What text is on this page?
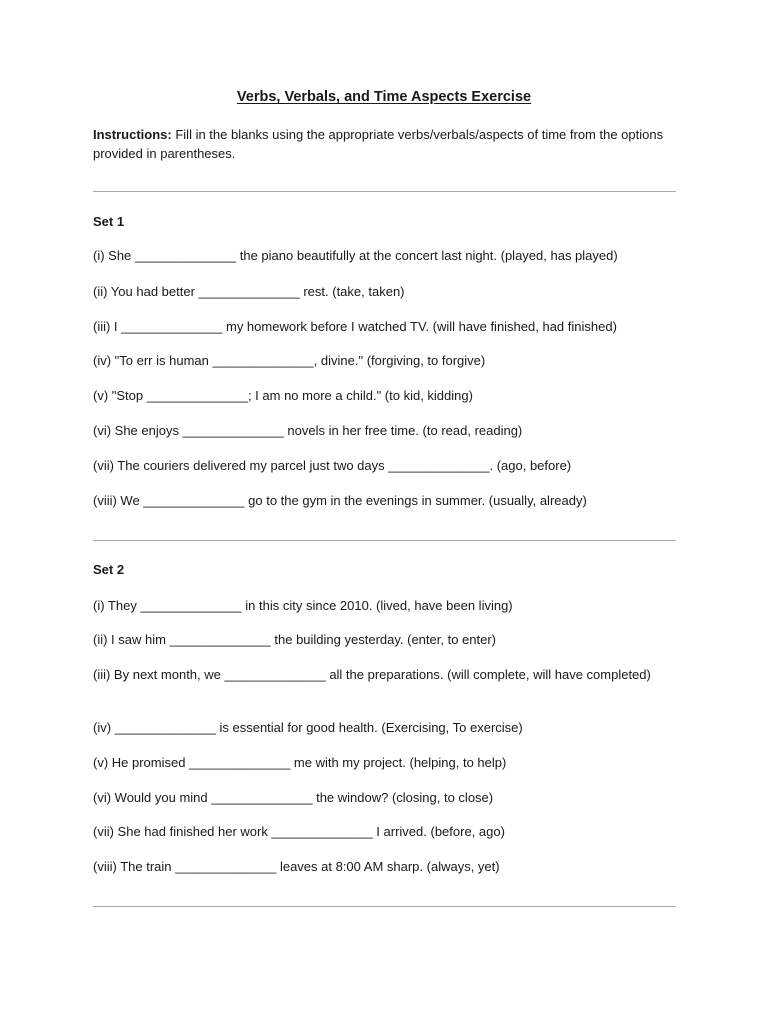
Verbs, Verbals, and Time Aspects Exercise
Instructions: Fill in the blanks using the appropriate verbs/verbals/aspects of time from the options provided in parentheses.
Set 1
(i) She ______________ the piano beautifully at the concert last night. (played, has played)
(ii) You had better ______________ rest. (take, taken)
(iii) I ______________ my homework before I watched TV. (will have finished, had finished)
(iv) "To err is human ______________, divine." (forgiving, to forgive)
(v) "Stop ______________; I am no more a child." (to kid, kidding)
(vi) She enjoys ______________ novels in her free time. (to read, reading)
(vii) The couriers delivered my parcel just two days ______________. (ago, before)
(viii) We ______________ go to the gym in the evenings in summer. (usually, already)
Set 2
(i) They ______________ in this city since 2010. (lived, have been living)
(ii) I saw him ______________ the building yesterday. (enter, to enter)
(iii) By next month, we ______________ all the preparations. (will complete, will have completed)
(iv) ______________ is essential for good health. (Exercising, To exercise)
(v) He promised ______________ me with my project. (helping, to help)
(vi) Would you mind ______________ the window? (closing, to close)
(vii) She had finished her work ______________ I arrived. (before, ago)
(viii) The train ______________ leaves at 8:00 AM sharp. (always, yet)
